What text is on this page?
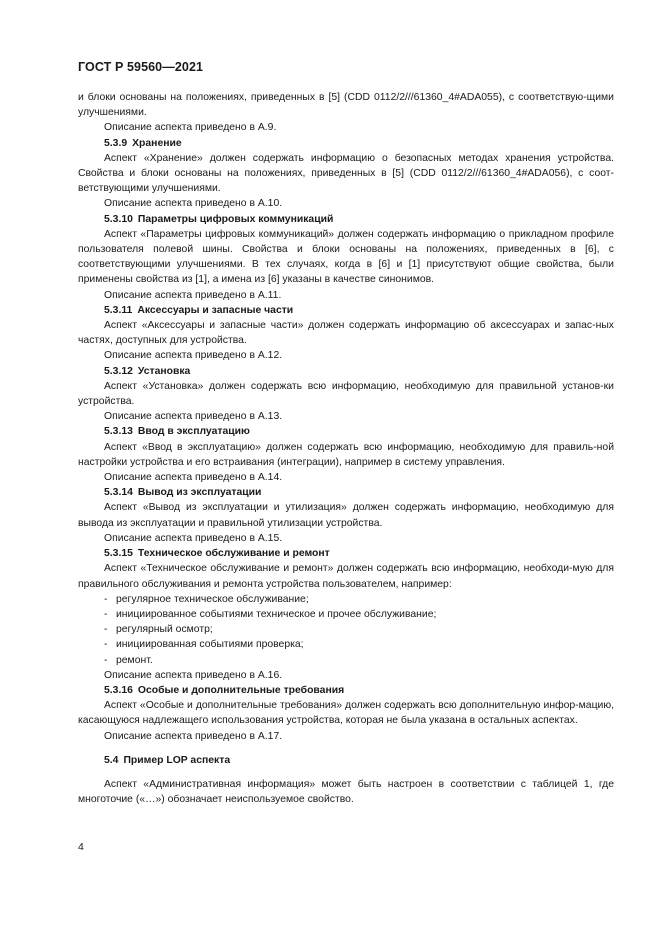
ГОСТ Р 59560—2021

и блоки основаны на положениях, приведенных в [5] (CDD 0112/2///61360_4#ADA055), с соответствую-щими улучшениями.

Описание аспекта приведено в А.9.

5.3.9 Хранение

Аспект «Хранение» должен содержать информацию о безопасных методах хранения устройства. Свойства и блоки основаны на положениях, приведенных в [5] (CDD 0112/2///61360_4#ADA056), с соот-ветствующими улучшениями.

Описание аспекта приведено в А.10.

5.3.10 Параметры цифровых коммуникаций

Аспект «Параметры цифровых коммуникаций» должен содержать информацию о прикладном профиле пользователя полевой шины. Свойства и блоки основаны на положениях, приведенных в [6], с соответствующими улучшениями. В тех случаях, когда в [6] и [1] присутствуют общие свойства, были применены свойства из [1], а имена из [6] указаны в качестве синонимов.

Описание аспекта приведено в А.11.

5.3.11 Аксессуары и запасные части

Аспект «Аксессуары и запасные части» должен содержать информацию об аксессуарах и запас-ных частях, доступных для устройства.

Описание аспекта приведено в А.12.

5.3.12 Установка

Аспект «Установка» должен содержать всю информацию, необходимую для правильной установ-ки устройства.

Описание аспекта приведено в А.13.

5.3.13 Ввод в эксплуатацию

Аспект «Ввод в эксплуатацию» должен содержать всю информацию, необходимую для правиль-ной настройки устройства и его встраивания (интеграции), например в систему управления.

Описание аспекта приведено в А.14.

5.3.14 Вывод из эксплуатации

Аспект «Вывод из эксплуатации и утилизация» должен содержать информацию, необходимую для вывода из эксплуатации и правильной утилизации устройства.

Описание аспекта приведено в А.15.

5.3.15 Техническое обслуживание и ремонт

Аспект «Техническое обслуживание и ремонт» должен содержать всю информацию, необходи-мую для правильного обслуживания и ремонта устройства пользователем, например:

- регулярное техническое обслуживание;
- инициированное событиями техническое и прочее обслуживание;
- регулярный осмотр;
- инициированная событиями проверка;
- ремонт.

Описание аспекта приведено в А.16.

5.3.16 Особые и дополнительные требования

Аспект «Особые и дополнительные требования» должен содержать всю дополнительную инфор-мацию, касающуюся надлежащего использования устройства, которая не была указана в остальных аспектах.

Описание аспекта приведено в А.17.

5.4 Пример LOP аспекта

Аспект «Административная информация» может быть настроен в соответствии с таблицей 1, где многоточие («…») обозначает неиспользуемое свойство.

4
